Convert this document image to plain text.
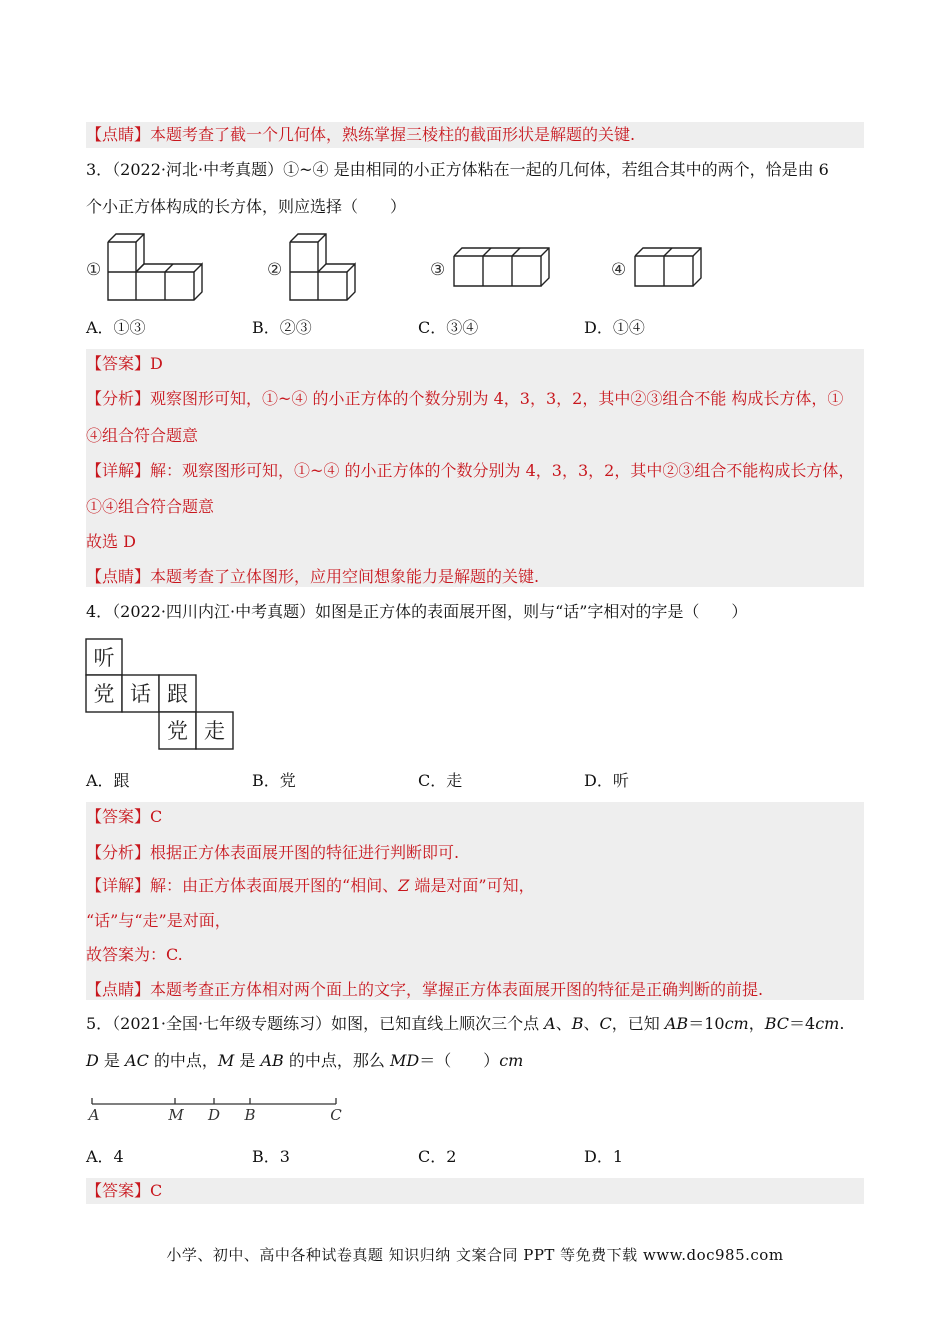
【点睛】本题考查了截一个几何体，熟练掌握三棱柱的截面形状是解题的关键.
3．（2022·河北·中考真题）①~④ 是由相同的小正方体粘在一起的几何体，若组合其中的两个，恰是由 6
个小正方体构成的长方体，则应选择（　　）
①	②	③	④
A．①③	B．②③	C．③④	D．①④
【答案】D
【分析】观察图形可知，①~④ 的小正方体的个数分别为 4，3，3，2，其中②③组合不能 构成长方体，①
④组合符合题意
【详解】解：观察图形可知，①~④ 的小正方体的个数分别为 4，3，3，2，其中②③组合不能构成长方体，
①④组合符合题意
故选 D
【点睛】本题考查了立体图形，应用空间想象能力是解题的关键.
4．（2022·四川内江·中考真题）如图是正方体的表面展开图，则与“话”字相对的字是（　　）
听
党 话 跟
党 走
A．跟	B．党	C．走	D．听
【答案】C
【分析】根据正方体表面展开图的特征进行判断即可.
【详解】解：由正方体表面展开图的“相间、Z 端是对面”可知，
“话”与“走”是对面，
故答案为：C.
【点睛】本题考查正方体相对两个面上的文字，掌握正方体表面展开图的特征是正确判断的前提.
5．（2021·全国·七年级专题练习）如图，已知直线上顺次三个点 A、B、C，已知 AB＝10cm，BC＝4cm.
D 是 AC 的中点，M 是 AB 的中点，那么 MD＝（　　）cm
A	M D B	C
A．4	B．3	C．2	D．1
【答案】C
小学、初中、高中各种试卷真题 知识归纳 文案合同 PPT 等免费下载 www.doc985.com
